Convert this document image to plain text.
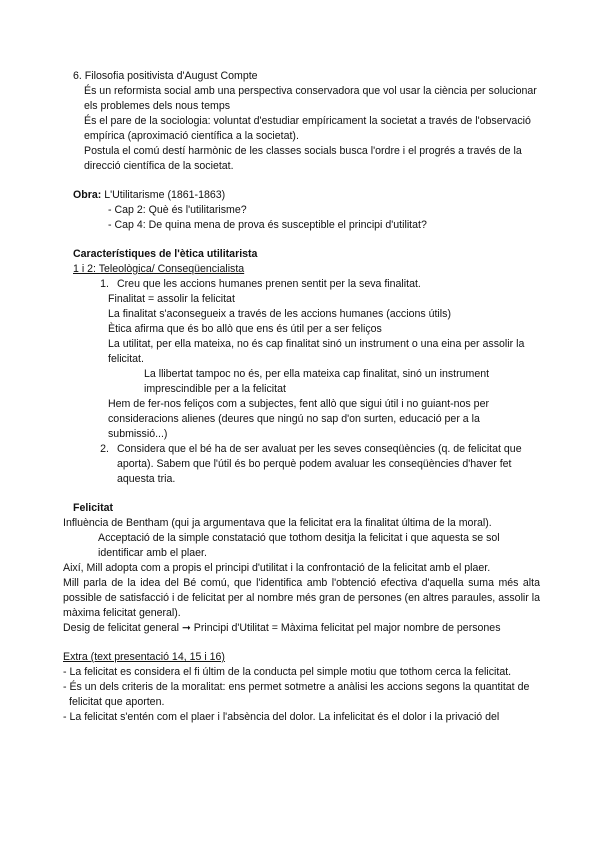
6. Filosofia positivista d'August Compte

És un reformista social amb una perspectiva conservadora que vol usar la ciència per solucionar els problemes dels nous temps

És el pare de la sociologia: voluntat d'estudiar empíricament la societat a través de l'observació empírica (aproximació científica a la societat).

Postula el comú destí harmònic de les classes socials busca l'ordre i el progrés a través de la direcció científica de la societat.

Obra: L'Utilitarisme (1861-1863)

- Cap 2: Què és l'utilitarisme?

- Cap 4: De quina mena de prova és susceptible el principi d'utilitat?

Característiques de l'ètica utilitarista

1 i 2: Teleològica/ Conseqüencialista

1. Creu que les accions humanes prenen sentit per la seva finalitat.

Finalitat = assolir la felicitat

La finalitat s'aconsegueix a través de les accions humanes (accions útils)

Ètica afirma que és bo allò que ens és útil per a ser feliços

La utilitat, per ella mateixa, no és cap finalitat sinó un instrument o una eina per assolir la felicitat.

La llibertat tampoc no és, per ella mateixa cap finalitat, sinó un instrument imprescindible per a la felicitat

Hem de fer-nos feliços com a subjectes, fent allò que sigui útil i no guiant-nos per consideracions alienes (deures que ningú no sap d'on surten, educació per a la submissió...)

2. Considera que el bé ha de ser avaluat per les seves conseqüències (q. de felicitat que aporta). Sabem que l'útil és bo perquè podem avaluar les conseqüències d'haver fet aquesta tria.

Felicitat

Influència de Bentham (qui ja argumentava que la felicitat era la finalitat última de la moral).

Acceptació de la simple constatació que tothom desitja la felicitat i que aquesta se sol identificar amb el plaer.

Així, Mill adopta com a propis el principi d'utilitat i la confrontació de la felicitat amb el plaer.

Mill parla de la idea del Bé comú, que l'identifica amb l'obtenció efectiva d'aquella suma més alta possible de satisfacció i de felicitat per al nombre més gran de persones (en altres paraules, assolir la màxima felicitat general).

Desig de felicitat general ➞ Principi d'Utilitat = Màxima felicitat pel major nombre de persones

Extra (text presentació 14, 15 i 16)

- La felicitat es considera el fi últim de la conducta pel simple motiu que tothom cerca la felicitat.

- És un dels criteris de la moralitat: ens permet sotmetre a anàlisi les accions segons la quantitat de felicitat que aporten.

- La felicitat s'entén com el plaer i l'absència del dolor. La infelicitat és el dolor i la privació del
